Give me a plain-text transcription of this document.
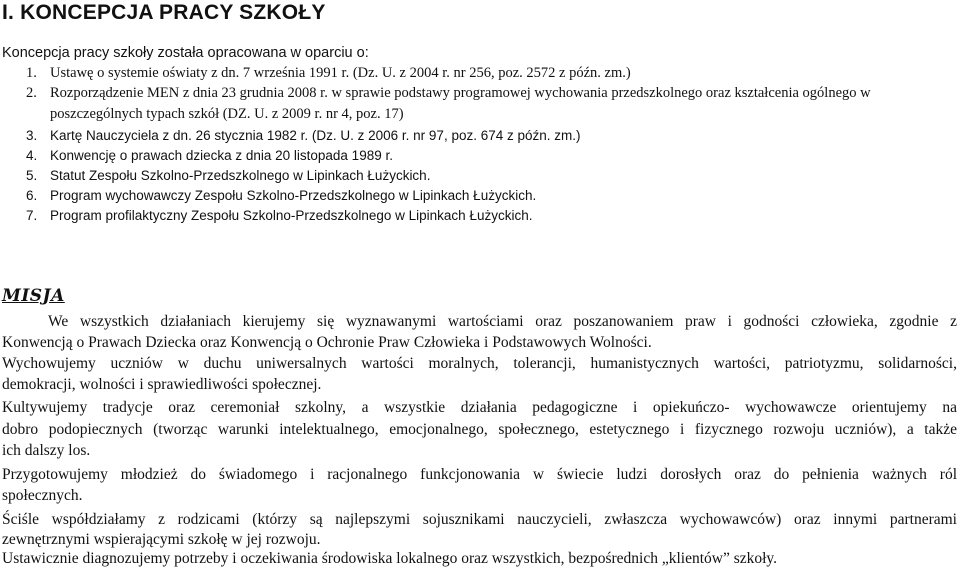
I. KONCEPCJA PRACY SZKOŁY

Koncepcja pracy szkoły została opracowana w oparciu o:

1. Ustawę o systemie oświaty z dn. 7 września 1991 r. (Dz. U. z 2004 r. nr 256, poz. 2572 z późn. zm.)
2. Rozporządzenie MEN z dnia 23 grudnia 2008 r. w sprawie podstawy programowej wychowania przedszkolnego oraz kształcenia ogólnego w
poszczególnych typach szkół (DZ. U. z 2009 r. nr 4, poz. 17)
3. Kartę Nauczyciela z dn. 26 stycznia 1982 r. (Dz. U. z 2006 r. nr 97, poz. 674 z późn. zm.)
4. Konwencję o prawach dziecka z dnia 20 listopada 1989 r.
5. Statut Zespołu Szkolno-Przedszkolnego w Lipinkach Łużyckich.
6. Program wychowawczy Zespołu Szkolno-Przedszkolnego w Lipinkach Łużyckich.
7. Program profilaktyczny Zespołu Szkolno-Przedszkolnego w Lipinkach Łużyckich.
MISJA
We wszystkich działaniach kierujemy się wyznawanymi wartościami oraz poszanowaniem praw i godności człowieka, zgodnie z
Konwencją o Prawach Dziecka oraz Konwencją o Ochronie Praw Człowieka i Podstawowych Wolności.
Wychowujemy uczniów w duchu uniwersalnych wartości moralnych, tolerancji, humanistycznych wartości, patriotyzmu, solidarności,
demokracji, wolności i sprawiedliwości społecznej.
Kultywujemy tradycje oraz ceremoniał szkolny, a wszystkie działania pedagogiczne i opiekuńczo- wychowawcze orientujemy na
dobro podopiecznych (tworząc warunki intelektualnego, emocjonalnego, społecznego, estetycznego i fizycznego rozwoju uczniów), a także
ich dalszy los.
Przygotowujemy młodzież do świadomego i racjonalnego funkcjonowania w świecie ludzi dorosłych oraz do pełnienia ważnych ról
społecznych.
Ściśle współdziałamy z rodzicami (którzy są najlepszymi sojusznikami nauczycieli, zwłaszcza wychowawców) oraz innymi partnerami
zewnętrznymi wspierającymi szkołę w jej rozwoju.
Ustawicznie diagnozujemy potrzeby i oczekiwania środowiska lokalnego oraz wszystkich, bezpośrednich „klientów” szkoły.
